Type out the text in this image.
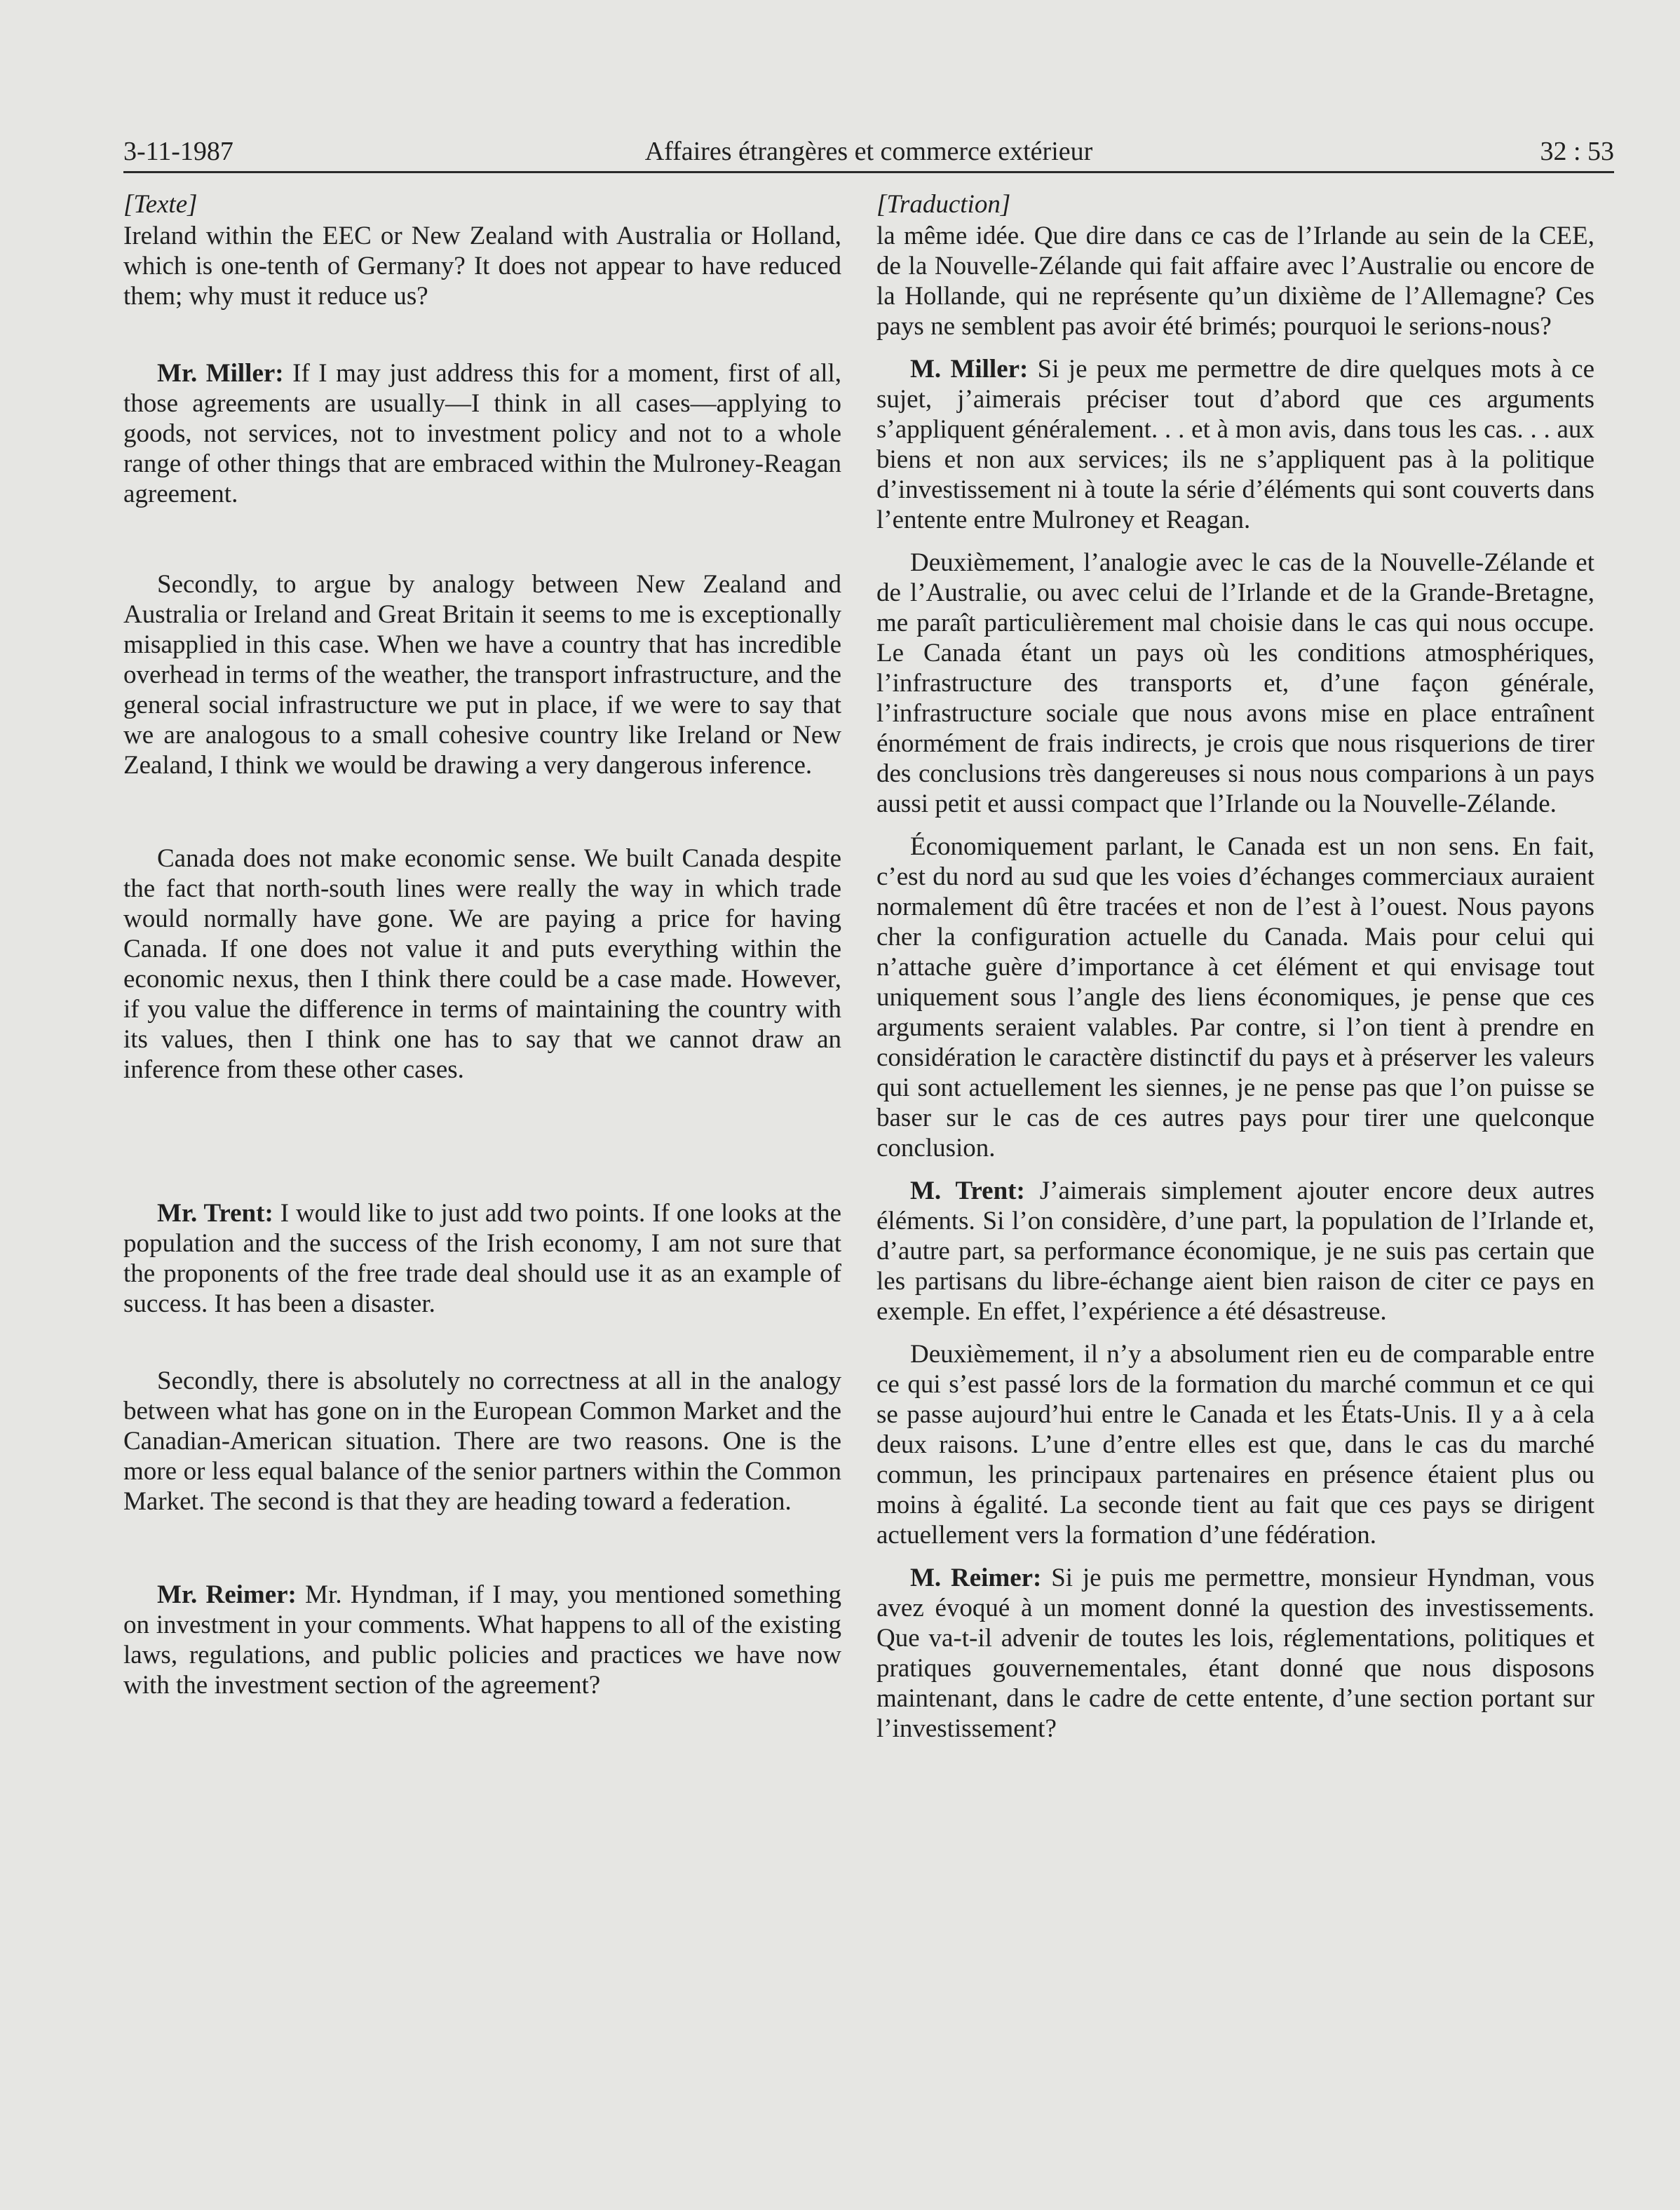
3-11-1987	Affaires étrangères et commerce extérieur	32 : 53
[Texte]

Ireland within the EEC or New Zealand with Australia or Holland, which is one-tenth of Germany? It does not appear to have reduced them; why must it reduce us?

Mr. Miller: If I may just address this for a moment, first of all, those agreements are usually—I think in all cases—applying to goods, not services, not to investment policy and not to a whole range of other things that are embraced within the Mulroney-Reagan agreement.

Secondly, to argue by analogy between New Zealand and Australia or Ireland and Great Britain it seems to me is exceptionally misapplied in this case. When we have a country that has incredible overhead in terms of the weather, the transport infrastructure, and the general social infrastructure we put in place, if we were to say that we are analogous to a small cohesive country like Ireland or New Zealand, I think we would be drawing a very dangerous inference.

Canada does not make economic sense. We built Canada despite the fact that north-south lines were really the way in which trade would normally have gone. We are paying a price for having Canada. If one does not value it and puts everything within the economic nexus, then I think there could be a case made. However, if you value the difference in terms of maintaining the country with its values, then I think one has to say that we cannot draw an inference from these other cases.

Mr. Trent: I would like to just add two points. If one looks at the population and the success of the Irish economy, I am not sure that the proponents of the free trade deal should use it as an example of success. It has been a disaster.

Secondly, there is absolutely no correctness at all in the analogy between what has gone on in the European Common Market and the Canadian-American situation. There are two reasons. One is the more or less equal balance of the senior partners within the Common Market. The second is that they are heading toward a federation.

Mr. Reimer: Mr. Hyndman, if I may, you mentioned something on investment in your comments. What happens to all of the existing laws, regulations, and public policies and practices we have now with the investment section of the agreement?

[Traduction]

la même idée. Que dire dans ce cas de l’Irlande au sein de la CEE, de la Nouvelle-Zélande qui fait affaire avec l’Australie ou encore de la Hollande, qui ne représente qu’un dixième de l’Allemagne? Ces pays ne semblent pas avoir été brimés; pourquoi le serions-nous?

M. Miller: Si je peux me permettre de dire quelques mots à ce sujet, j’aimerais préciser tout d’abord que ces arguments s’appliquent généralement. . . et à mon avis, dans tous les cas. . . aux biens et non aux services; ils ne s’appliquent pas à la politique d’investissement ni à toute la série d’éléments qui sont couverts dans l’entente entre Mulroney et Reagan.

Deuxièmement, l’analogie avec le cas de la Nouvelle-Zélande et de l’Australie, ou avec celui de l’Irlande et de la Grande-Bretagne, me paraît particulièrement mal choisie dans le cas qui nous occupe. Le Canada étant un pays où les conditions atmosphériques, l’infrastructure des transports et, d’une façon générale, l’infrastructure sociale que nous avons mise en place entraînent énormément de frais indirects, je crois que nous risquerions de tirer des conclusions très dangereuses si nous nous comparions à un pays aussi petit et aussi compact que l’Irlande ou la Nouvelle-Zélande.

Économiquement parlant, le Canada est un non sens. En fait, c’est du nord au sud que les voies d’échanges commerciaux auraient normalement dû être tracées et non de l’est à l’ouest. Nous payons cher la configuration actuelle du Canada. Mais pour celui qui n’attache guère d’importance à cet élément et qui envisage tout uniquement sous l’angle des liens économiques, je pense que ces arguments seraient valables. Par contre, si l’on tient à prendre en considération le caractère distinctif du pays et à préserver les valeurs qui sont actuellement les siennes, je ne pense pas que l’on puisse se baser sur le cas de ces autres pays pour tirer une quelconque conclusion.

M. Trent: J’aimerais simplement ajouter encore deux autres éléments. Si l’on considère, d’une part, la population de l’Irlande et, d’autre part, sa performance économique, je ne suis pas certain que les partisans du libre-échange aient bien raison de citer ce pays en exemple. En effet, l’expérience a été désastreuse.

Deuxièmement, il n’y a absolument rien eu de comparable entre ce qui s’est passé lors de la formation du marché commun et ce qui se passe aujourd’hui entre le Canada et les États-Unis. Il y a à cela deux raisons. L’une d’entre elles est que, dans le cas du marché commun, les principaux partenaires en présence étaient plus ou moins à égalité. La seconde tient au fait que ces pays se dirigent actuellement vers la formation d’une fédération.

M. Reimer: Si je puis me permettre, monsieur Hyndman, vous avez évoqué à un moment donné la question des investissements. Que va-t-il advenir de toutes les lois, réglementations, politiques et pratiques gouvernementales, étant donné que nous disposons maintenant, dans le cadre de cette entente, d’une section portant sur l’investissement?
